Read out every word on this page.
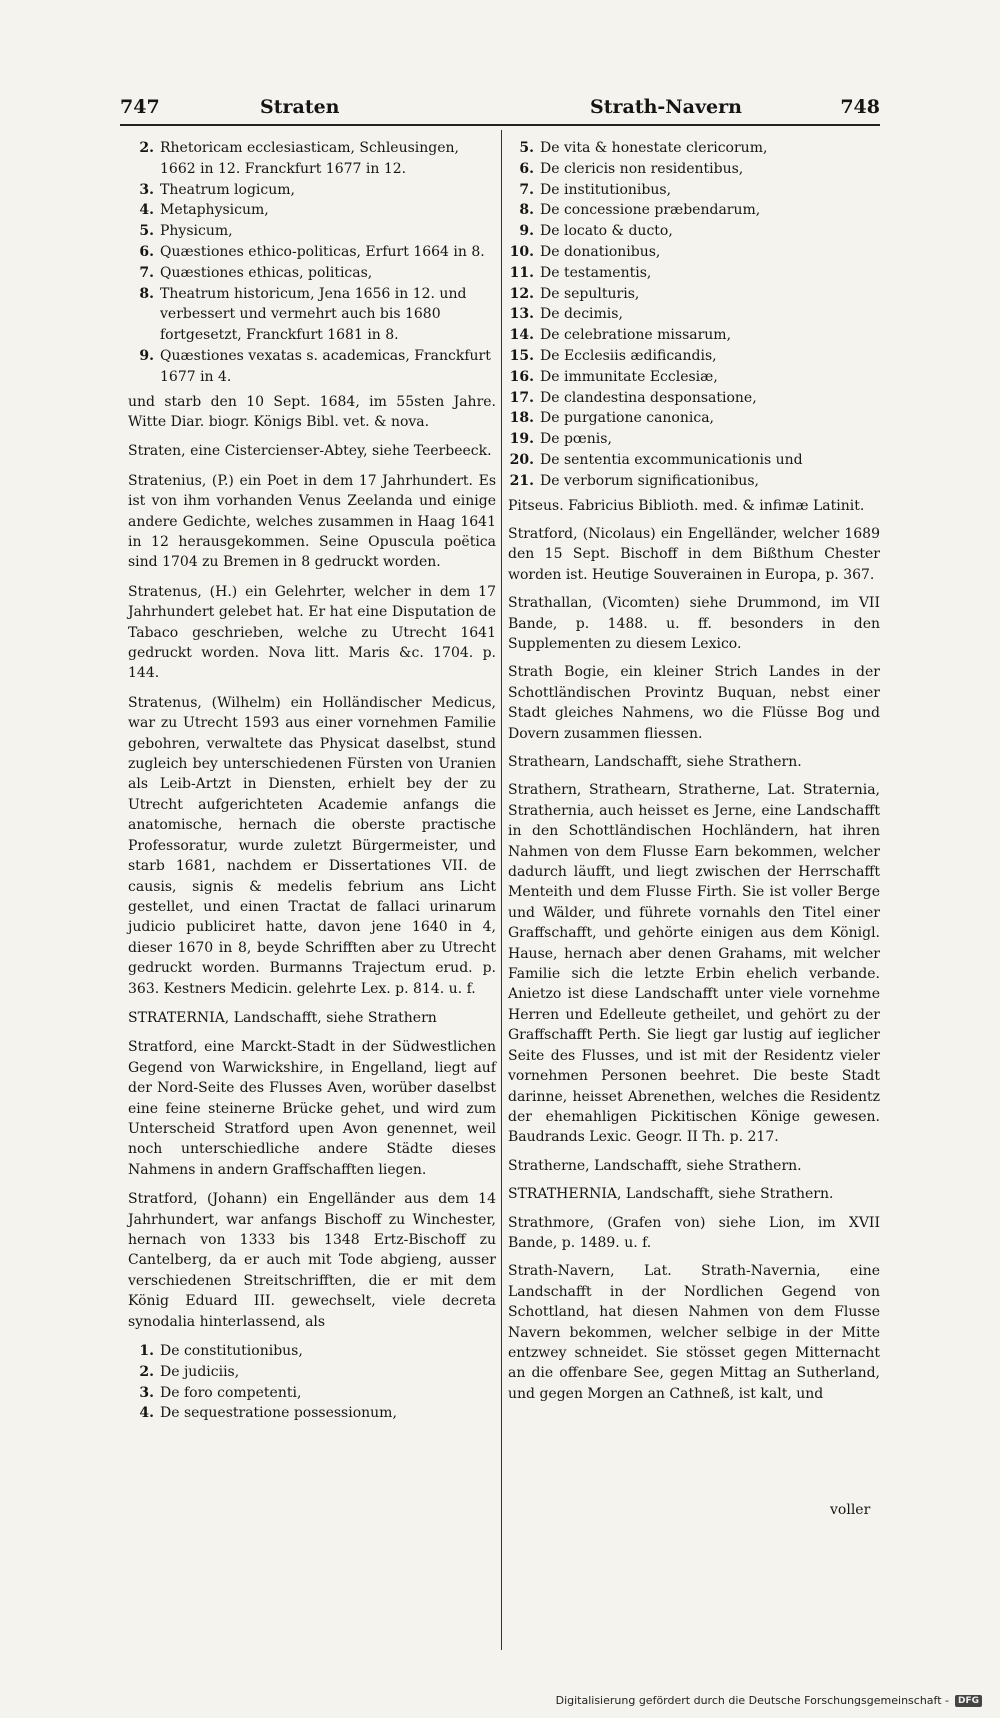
747	Straten	Strath-Navern	748
2. Rhetoricam ecclesiasticam, Schleusingen, 1662 in 12. Franckfurt 1677 in 12.
3. Theatrum logicum,
4. Metaphysicum,
5. Physicum,
6. Quæstiones ethico-politicas, Erfurt 1664 in 8.
7. Quæstiones ethicas, politicas,
8. Theatrum historicum, Jena 1656 in 12. und verbessert und vermehrt auch bis 1680 fortgesetzt, Franckfurt 1681 in 8.
9. Quæstiones vexatas s. academicas, Franckfurt 1677 in 4.

und starb den 10 Sept. 1684, im 55sten Jahre. Witte Diar. biogr. Königs Bibl. vet. & nova.

Straten, eine Cistercienser-Abtey, siehe Teerbeeck.

Stratenius, (P.) ein Poet in dem 17 Jahrhundert. Es ist von ihm vorhanden Venus Zeelanda und einige andere Gedichte, welches zusammen in Haag 1641 in 12 herausgekommen. Seine Opuscula poëtica sind 1704 zu Bremen in 8 gedruckt worden.

Stratenus, (H.) ein Gelehrter, welcher in dem 17 Jahrhundert gelebet hat. Er hat eine Disputation de Tabaco geschrieben, welche zu Utrecht 1641 gedruckt worden. Nova litt. Maris &c. 1704. p. 144.

Stratenus, (Wilhelm) ein Holländischer Medicus, war zu Utrecht 1593 aus einer vornehmen Familie gebohren, verwaltete das Physicat daselbst, stund zugleich bey unterschiedenen Fürsten von Uranien als Leib-Artzt in Diensten, erhielt bey der zu Utrecht aufgerichteten Academie anfangs die anatomische, hernach die oberste practische Professoratur, wurde zuletzt Bürgermeister, und starb 1681, nachdem er Dissertationes VII. de causis, signis & medelis febrium ans Licht gestellet, und einen Tractat de fallaci urinarum judicio publiciret hatte, davon jene 1640 in 4, dieser 1670 in 8, beyde Schrifften aber zu Utrecht gedruckt worden. Burmanns Trajectum erud. p. 363. Kestners Medicin. gelehrte Lex. p. 814. u. f.

STRATERNIA, Landschafft, siehe Strathern

Stratford, eine Marckt-Stadt in der Südwestlichen Gegend von Warwickshire, in Engelland, liegt auf der Nord-Seite des Flusses Aven, worüber daselbst eine feine steinerne Brücke gehet, und wird zum Unterscheid Stratford upen Avon genennet, weil noch unterschiedliche andere Städte dieses Nahmens in andern Graffschafften liegen.

Stratford, (Johann) ein Engelländer aus dem 14 Jahrhundert, war anfangs Bischoff zu Winchester, hernach von 1333 bis 1348 Ertz-Bischoff zu Cantelberg, da er auch mit Tode abgieng, ausser verschiedenen Streitschrifften, die er mit dem König Eduard III. gewechselt, viele decreta synodalia hinterlassend, als

1. De constitutionibus,
2. De judiciis,
3. De foro competenti,
4. De sequestratione possessionum,
5. De vita & honestate clericorum,
6. De clericis non residentibus,
7. De institutionibus,
8. De concessione præbendarum,
9. De locato & ducto,
10. De donationibus,
11. De testamentis,
12. De sepulturis,
13. De decimis,
14. De celebratione missarum,
15. De Ecclesiis ædificandis,
16. De immunitate Ecclesiæ,
17. De clandestina desponsatione,
18. De purgatione canonica,
19. De pœnis,
20. De sententia excommunicationis und
21. De verborum significationibus,

Pitseus. Fabricius Biblioth. med. & infimæ Latinit.

Stratford, (Nicolaus) ein Engelländer, welcher 1689 den 15 Sept. Bischoff in dem Bißthum Chester worden ist. Heutige Souverainen in Europa, p. 367.

Strathallan, (Vicomten) siehe Drummond, im VII Bande, p. 1488. u. ff. besonders in den Supplementen zu diesem Lexico.

Strath Bogie, ein kleiner Strich Landes in der Schottländischen Provintz Buquan, nebst einer Stadt gleiches Nahmens, wo die Flüsse Bog und Dovern zusammen fliessen.

Strathearn, Landschafft, siehe Strathern.

Strathern, Strathearn, Stratherne, Lat. Straternia, Strathernia, auch heisset es Jerne, eine Landschafft in den Schottländischen Hochländern, hat ihren Nahmen von dem Flusse Earn bekommen, welcher dadurch läufft, und liegt zwischen der Herrschafft Menteith und dem Flusse Firth. Sie ist voller Berge und Wälder, und führete vornahls den Titel einer Graffschafft, und gehörte einigen aus dem Königl. Hause, hernach aber denen Grahams, mit welcher Familie sich die letzte Erbin ehelich verbande. Anietzo ist diese Landschafft unter viele vornehme Herren und Edelleute getheilet, und gehört zu der Graffschafft Perth. Sie liegt gar lustig auf ieglicher Seite des Flusses, und ist mit der Residentz vieler vornehmen Personen beehret. Die beste Stadt darinne, heisset Abrenethen, welches die Residentz der ehemahligen Pickitischen Könige gewesen. Baudrands Lexic. Geogr. II Th. p. 217.

Stratherne, Landschafft, siehe Strathern.

STRATHERNIA, Landschafft, siehe Strathern.

Strathmore, (Grafen von) siehe Lion, im XVII Bande, p. 1489. u. f.

Strath-Navern, Lat. Strath-Navernia, eine Landschafft in der Nordlichen Gegend von Schottland, hat diesen Nahmen von dem Flusse Navern bekommen, welcher selbige in der Mitte entzwey schneidet. Sie stösset gegen Mitternacht an die offenbare See, gegen Mittag an Sutherland, und gegen Morgen an Cathneß, ist kalt, und

voller
Digitalisierung gefördert durch die Deutsche Forschungsgemeinschaft -	DFG
